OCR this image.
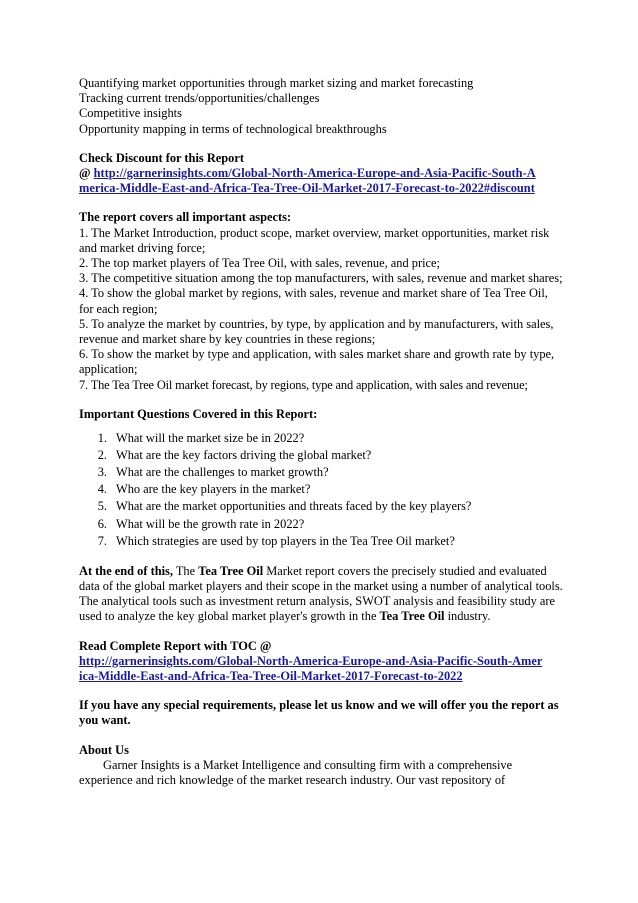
Quantifying market opportunities through market sizing and market forecasting
Tracking current trends/opportunities/challenges
Competitive insights
Opportunity mapping in terms of technological breakthroughs
Check Discount for this Report
@ http://garnerinsights.com/Global-North-America-Europe-and-Asia-Pacific-South-A
merica-Middle-East-and-Africa-Tea-Tree-Oil-Market-2017-Forecast-to-2022#discount
The report covers all important aspects:
1. The Market Introduction, product scope, market overview, market opportunities, market risk and market driving force;
2. The top market players of Tea Tree Oil, with sales, revenue, and price;
3. The competitive situation among the top manufacturers, with sales, revenue and market shares;
4. To show the global market by regions, with sales, revenue and market share of Tea Tree Oil, for each region;
5. To analyze the market by countries, by type, by application and by manufacturers, with sales, revenue and market share by key countries in these regions;
6. To show the market by type and application, with sales market share and growth rate by type, application;
7. The Tea Tree Oil market forecast, by regions, type and application, with sales and revenue;
Important Questions Covered in this Report:
1. What will the market size be in 2022?
2. What are the key factors driving the global market?
3. What are the challenges to market growth?
4. Who are the key players in the market?
5. What are the market opportunities and threats faced by the key players?
6. What will be the growth rate in 2022?
7. Which strategies are used by top players in the Tea Tree Oil market?
At the end of this, The Tea Tree Oil Market report covers the precisely studied and evaluated data of the global market players and their scope in the market using a number of analytical tools. The analytical tools such as investment return analysis, SWOT analysis and feasibility study are used to analyze the key global market player's growth in the Tea Tree Oil industry.
Read Complete Report with TOC @
http://garnerinsights.com/Global-North-America-Europe-and-Asia-Pacific-South-Amer
ica-Middle-East-and-Africa-Tea-Tree-Oil-Market-2017-Forecast-to-2022
If you have any special requirements, please let us know and we will offer you the report as you want.
About Us
Garner Insights is a Market Intelligence and consulting firm with a comprehensive experience and rich knowledge of the market research industry. Our vast repository of
